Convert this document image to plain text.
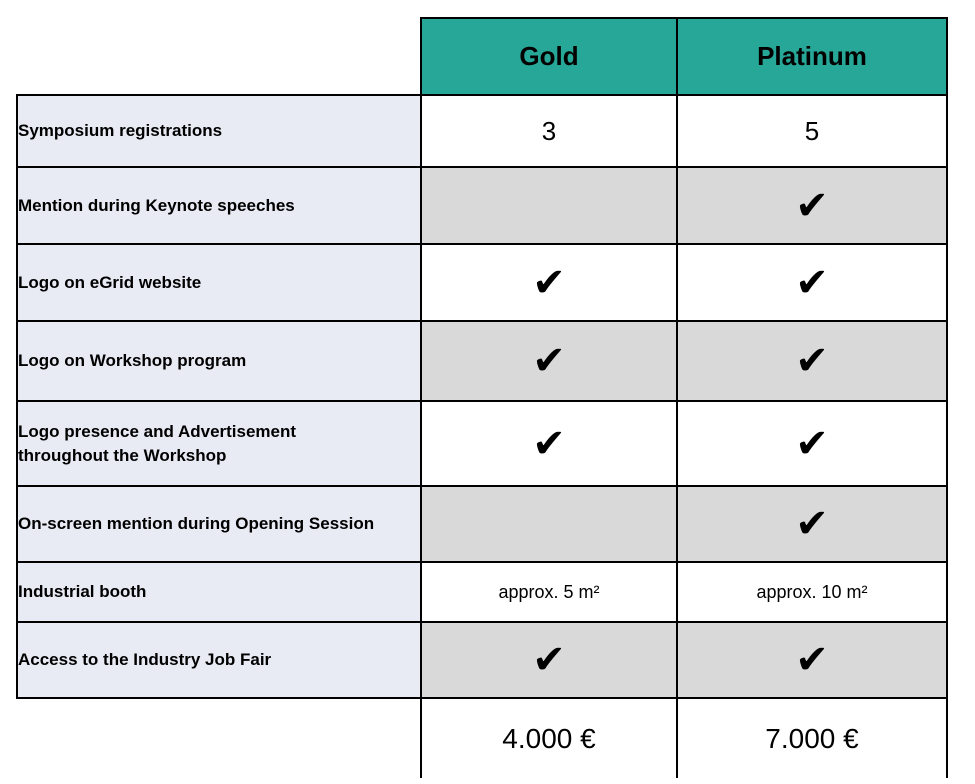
	Gold	Platinum
Symposium registrations	3	5
Mention during Keynote speeches		✔
Logo on eGrid website	✔	✔
Logo on Workshop program	✔	✔
Logo presence and Advertisement throughout the Workshop	✔	✔
On-screen mention during Opening Session		✔
Industrial booth	approx. 5 m²	approx. 10 m²
Access to the Industry Job Fair	✔	✔
	4.000 €	7.000 €
